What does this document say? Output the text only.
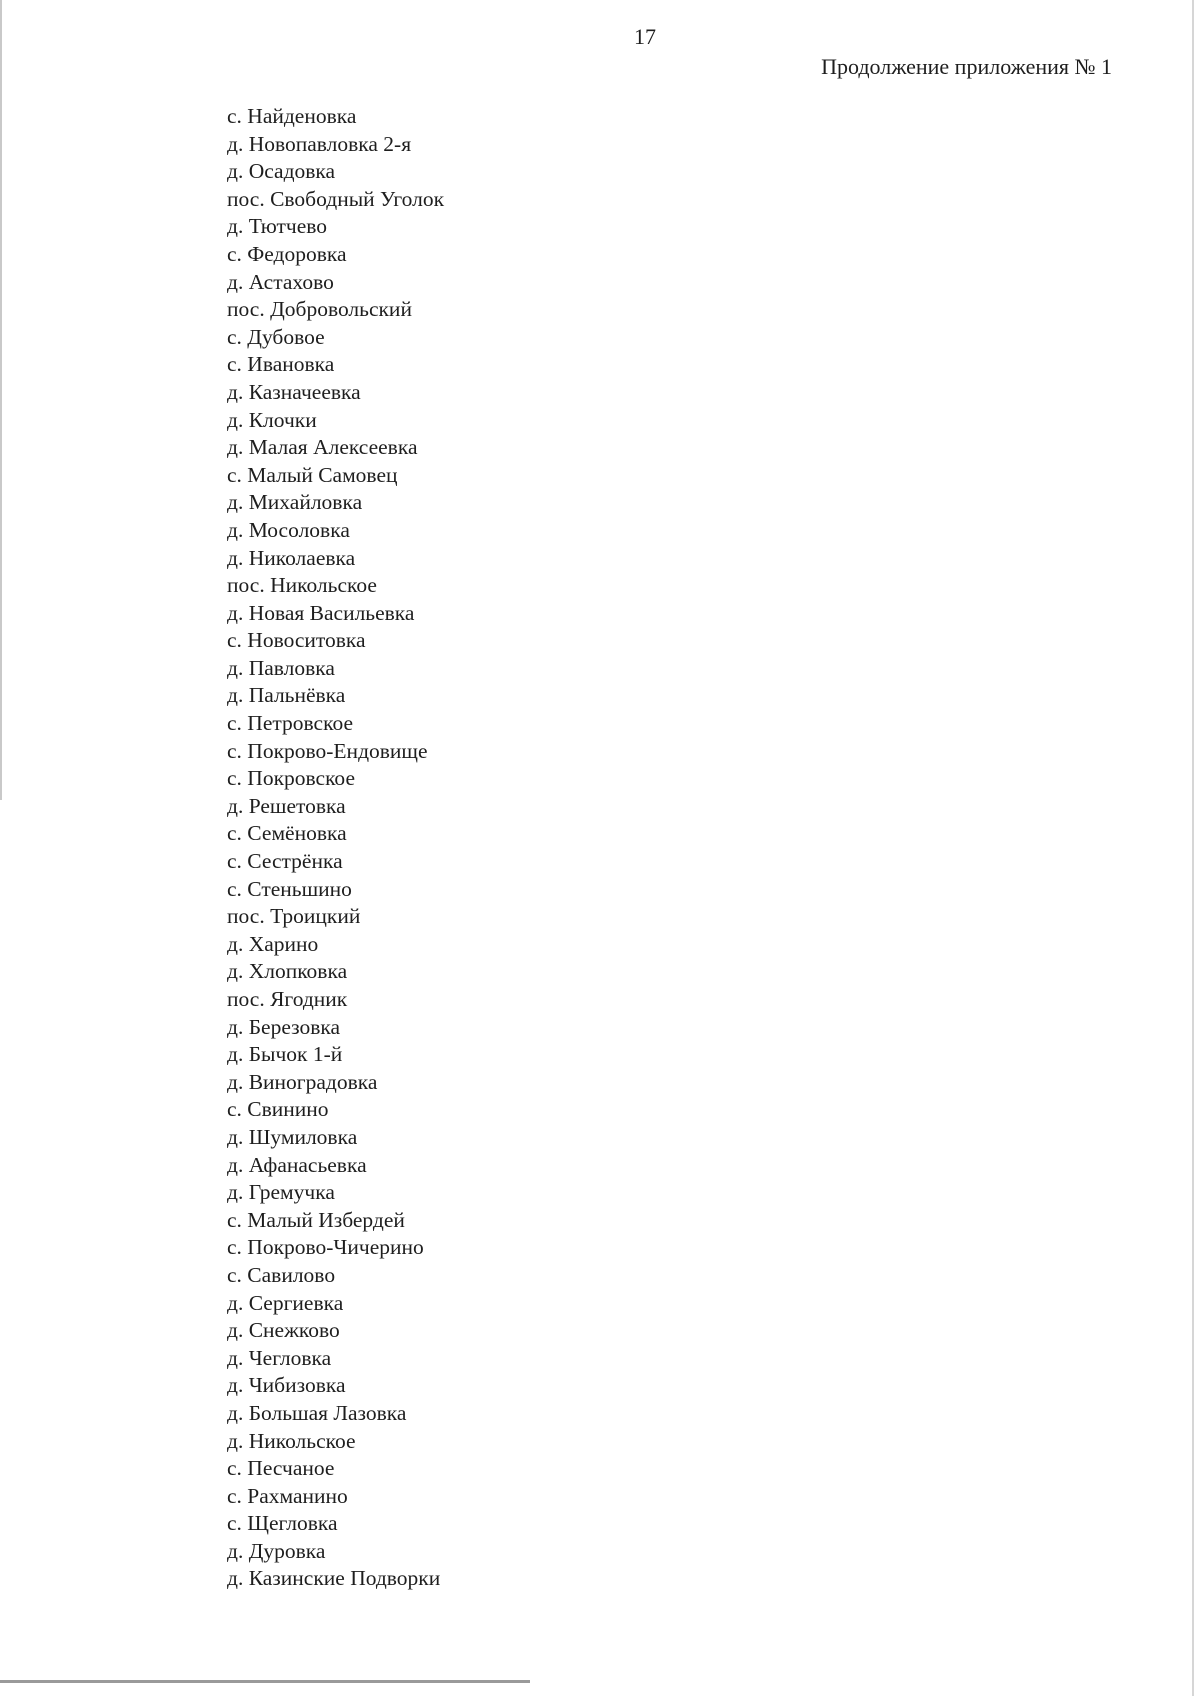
17
Продолжение приложения № 1
с. Найденовка
д. Новопавловка 2-я
д. Осадовка
пос. Свободный Уголок
д. Тютчево
с. Федоровка
д. Астахово
пос. Добровольский
с. Дубовое
с. Ивановка
д. Казначеевка
д. Клочки
д. Малая Алексеевка
с. Малый Самовец
д. Михайловка
д. Мосоловка
д. Николаевка
пос. Никольское
д. Новая Васильевка
с. Новоситовка
д. Павловка
д. Пальнёвка
с. Петровское
с. Покрово-Ендовище
с. Покровское
д. Решетовка
с. Семёновка
с. Сестрёнка
с. Стеньшино
пос. Троицкий
д. Харино
д. Хлопковка
пос. Ягодник
д. Березовка
д. Бычок 1-й
д. Виноградовка
с. Свинино
д. Шумиловка
д. Афанасьевка
д. Гремучка
с. Малый Избердей
с. Покрово-Чичерино
с. Савилово
д. Сергиевка
д. Снежково
д. Чегловка
д. Чибизовка
д. Большая Лазовка
д. Никольское
с. Песчаное
с. Рахманино
с. Щегловка
д. Дуровка
д. Казинские Подворки
